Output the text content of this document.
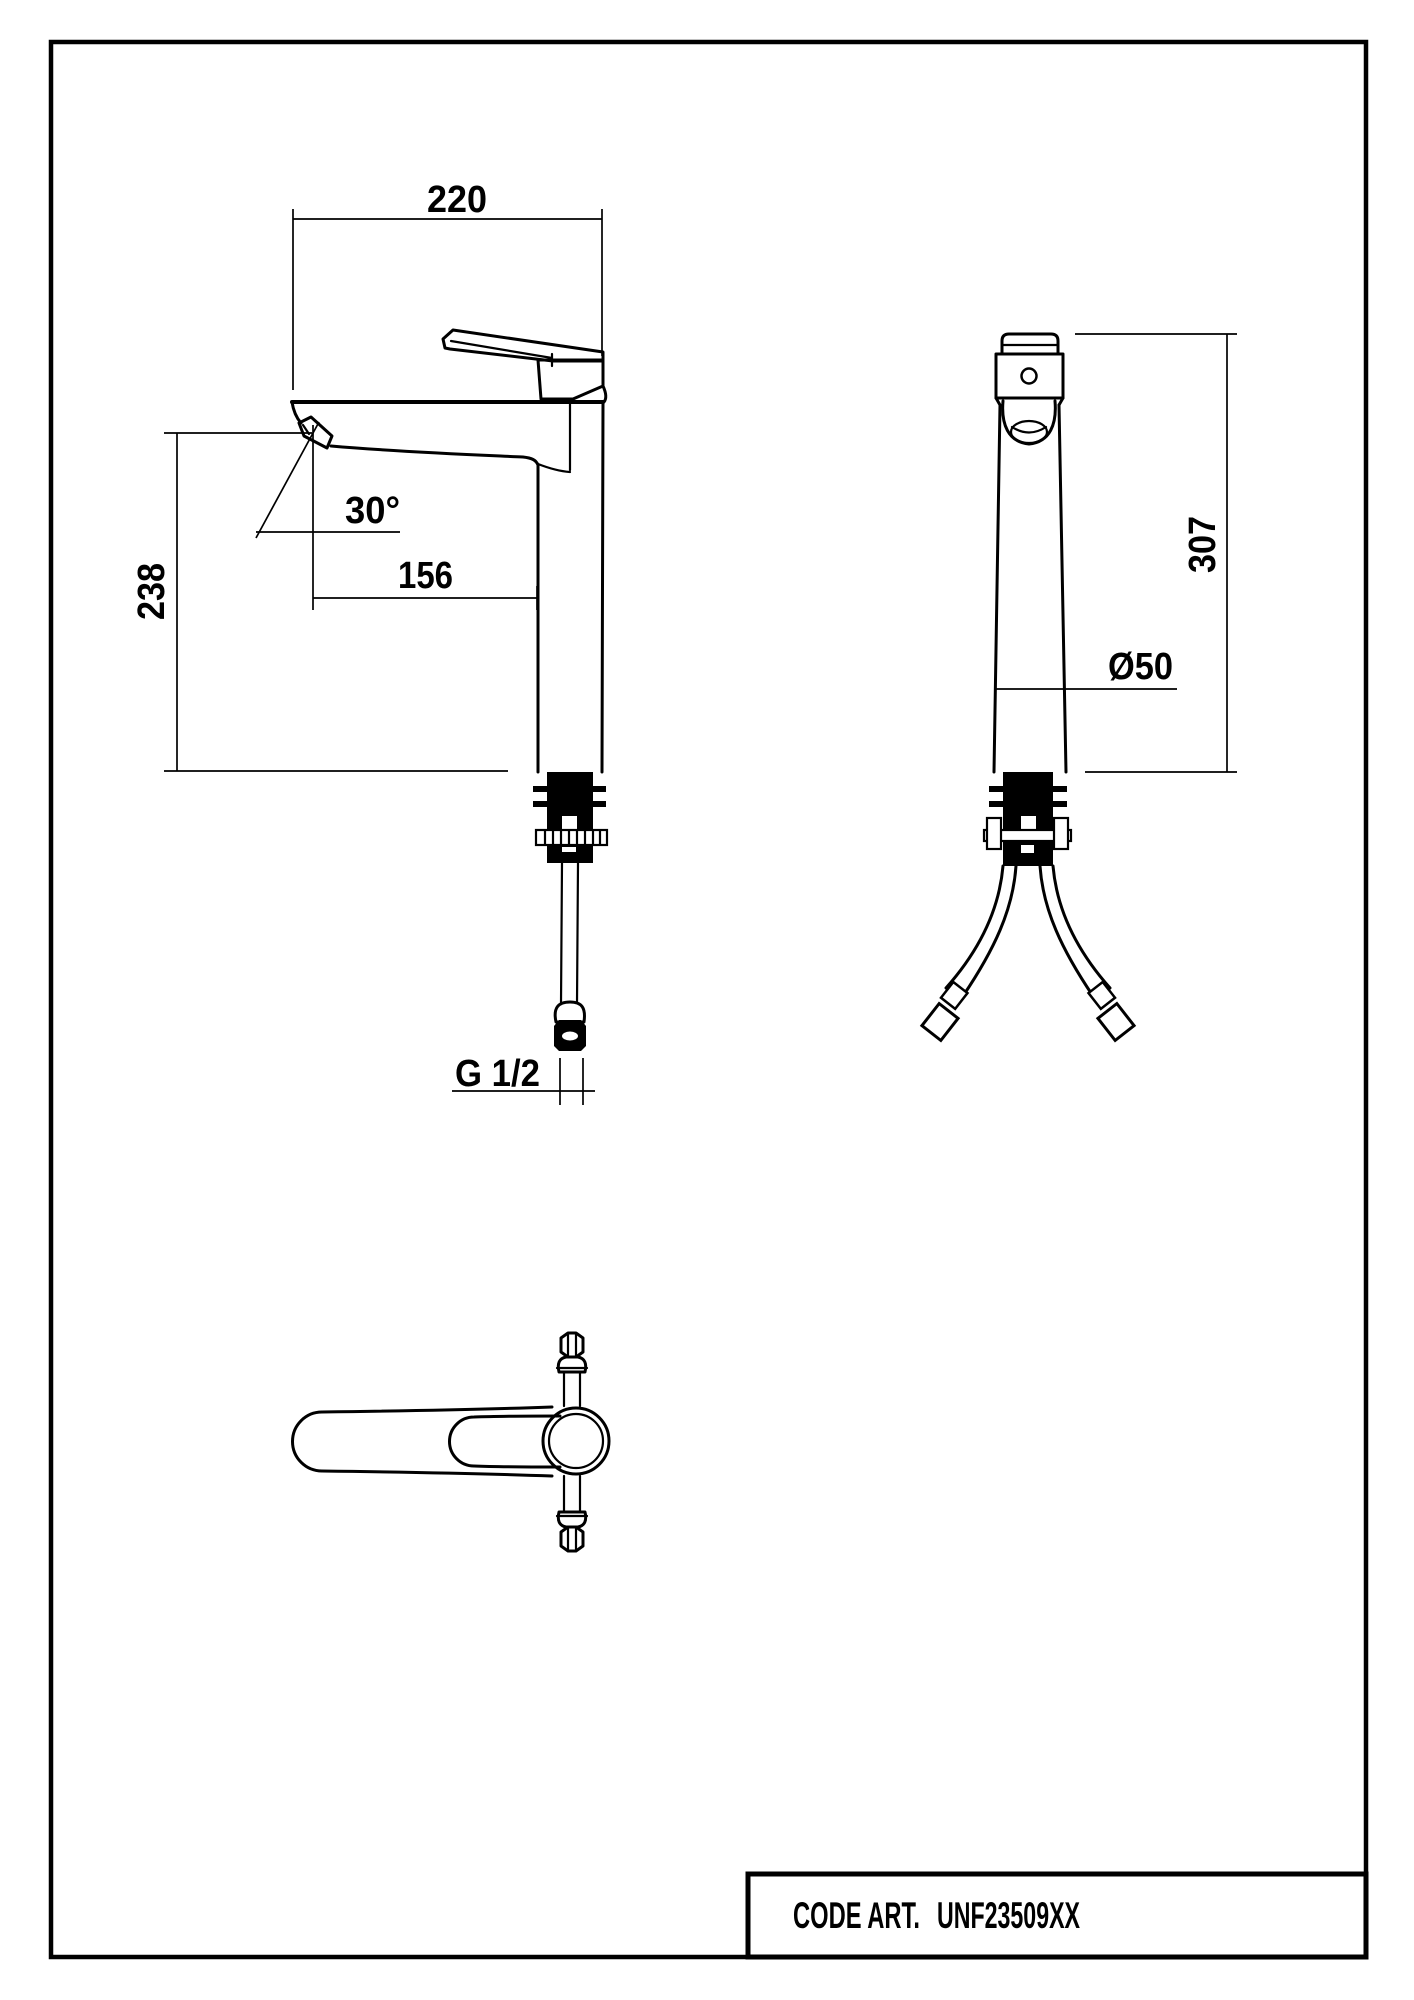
220
238	156
30°
G 1/2
307
Ø50
CODE ART. UNF23509XX
